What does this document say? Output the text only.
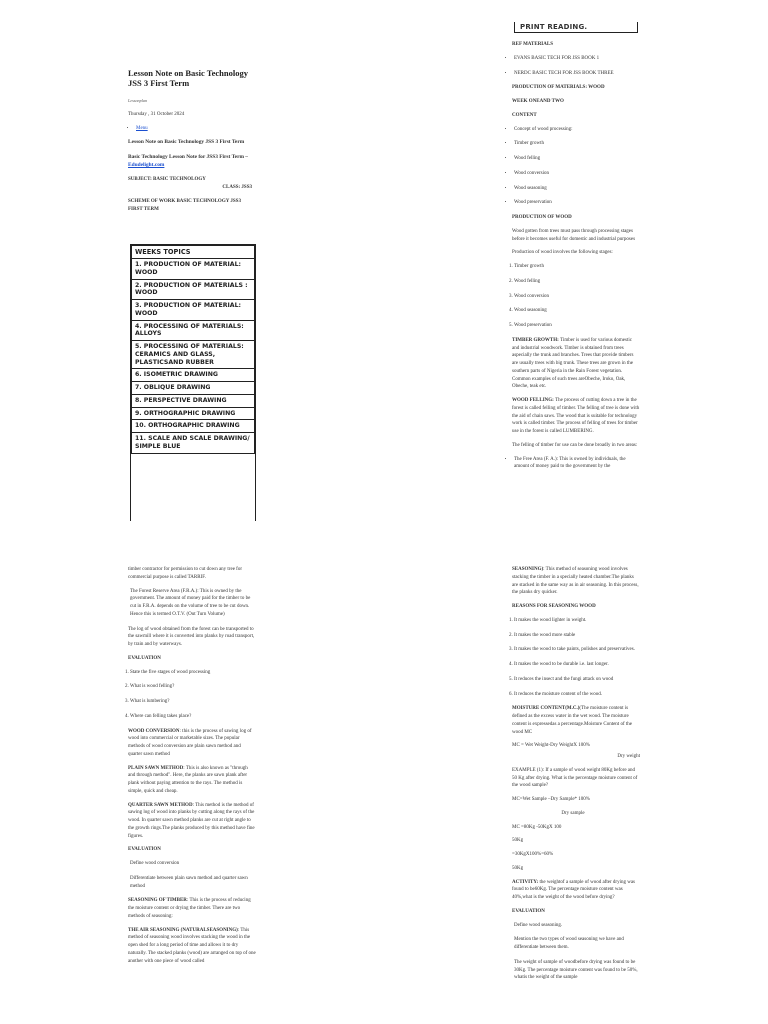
Lesson Note on Basic Technology JSS 3 First Term
Lessonplan

Thursday , 31 October 2024

• Menu

Lesson Note on Basic Technology JSS 3 First Term

Basic Technology Lesson Note for JSS3 First Term – Edudelight.com

SUBJECT: BASIC TECHNOLOGY

CLASS: JSS3

SCHEME OF WORK BASIC TECHNOLOGY JSS3 FIRST TERM

WEEKS TOPICS
1. PRODUCTION OF MATERIAL: WOOD
2. PRODUCTION OF MATERIALS : WOOD
3. PRODUCTION OF MATERIAL: WOOD
4. PROCESSING OF MATERIALS: ALLOYS
5. PROCESSING OF MATERIALS: CERAMICS AND GLASS, PLASTICSAND RUBBER
6. ISOMETRIC DRAWING
7. OBLIQUE DRAWING
8. PERSPECTIVE DRAWING
9. ORTHOGRAPHIC DRAWING
10. ORTHOGRAPHIC DRAWING
11. SCALE AND SCALE DRAWING/ SIMPLE BLUE
PRINT READING.

REF MATERIALS

• EVANS BASIC TECH FOR JSS BOOK 1
• NERDC BASIC TECH FOR JSS BOOK THREE

PRODUCTION OF MATERIALS: WOOD

WEEK ONEAND TWO

CONTENT

• Concept of wood processing:
• Timber growth
• Wood felling
• Wood conversion
• Wood seasoning
• Wood preservation

PRODUCTION OF WOOD

Wood gotten from trees must pass through processing stages before it becomes useful for domestic and industrial purposes

Production of wood involves the following stages:

1. Timber growth
2. Wood felling
3. Wood conversion
4. Wood seasoning
5. Wood preservation

TIMBER GROWTH: Timber is used for various domestic and industrial woodwork. Timber is obtained from trees aspecially the trunk and branches. Trees that provide timbers are usually trees with big trunk. These trees are grown in the southern parts of Nigeria in the Rain Forest vegetation. Common examples of such trees areObeche, Iroko, Oak, Obeche, teak etc.

WOOD FELLING: The process of cutting down a tree in the forest is called felling of timber. The felling of tree is done with the aid of chain saws. The wood that is suitable for technology work is called timber. The process of felling of trees for timber use in the forest is called LUMBERING.

The felling of timber for use can be done broadly in two areas:

• The Free Area (F. A.): This is owned by individuals, the amount of money paid to the government by the

timber contractor for permission to cut down any tree for commercial purpose is called TARRIF.

• The Forest Reserve Area (F.R.A.): This is owned by the government. The amount of money paid for the timber to be cut in F.R.A. depends on the volume of tree to be cut down. Hence this is termed O.T.V. (Out Turn Volume)

The log of wood obtained from the forest can be transported to the sawmill where it is converted into planks by road transport, by train and by waterways.

EVALUATION

1. State the five stages of wood processing
2. What is wood felling?
3. What is lumbering?
4. Where can felling takes place?

WOOD CONVERSION: this is the process of sawing log of wood into commercial or marketable sizes. The popular methods of wood conversion are plain sawn method and quarter sawn method

PLAIN SAWN METHOD: This is also known as "through and through method". Here, the planks are sawn plank after plank without paying attention to the rays. The method is simple, quick and cheap.

QUARTER SAWN METHOD: This method is the method of sawing log of wood into planks by cutting along the rays of the wood. In quarter sawn method planks are cut at right angle to the growth rings.The planks produced by this method have fine figures.

EVALUATION

• Define wood conversion
• Differentiate between plain sawn method and quarter sawn method

SEASONING OF TIMBER: This is the process of reducing the moisture content or drying the timber. There are two methods of seasoning:

THE AIR SEASONING (NATURALSEASONING): This method of seasoning wood involves stacking the wood in the open shed for a long period of time and allows it to dry naturally. The stacked planks (wood) are arranged on top of one another with one piece of wood called

SEASONING): This method of seasoning wood involves stacking the timber in a specially heated chamber.The planks are stacked in the same way as in air seasoning. In this process, the planks dry quicker.

REASONS FOR SEASONING WOOD

1. It makes the wood lighter in weight.
2. It makes the wood more stable
3. It makes the wood to take paints, polishes and preservatives.
4. It makes the wood to be durable i.e. last longer.
5. It reduces the insect and the fungi attack on wood
6. It reduces the moisture content of the wood.

MOISTURE CONTENT(M.C.)(The moisture content is defined as the excess water in the wet wood. The moisture content is expressedas a percentage.Moisture Content of the wood MC

MC = Wet Weight-Dry WeightX 100%

Dry weight

EXAMPLE (1): If a sample of wood weight 80Kg before and 50 Kg after drying. What is the percentage moisture content of the wood sample?

MC=Wet Sample –Dry Sample* 100%

Dry sample

MC =80Kg -50KgX 100

50Kg

=30KgX100%=60%

50Kg

ACTIVITY: the weightof a sample of wood after drying was found to be60Kg. The percentage moisture content was 40%,what is the weight of the wood before drying?

EVALUATION

• Define wood seasoning.
• Mention the two types of wood seasoning we have and differentiate between them.
• The weight of sample of woodbefore drying was found to be 30Kg. The percentage moisture content was found to be 50%, whatis the weight of the sample
